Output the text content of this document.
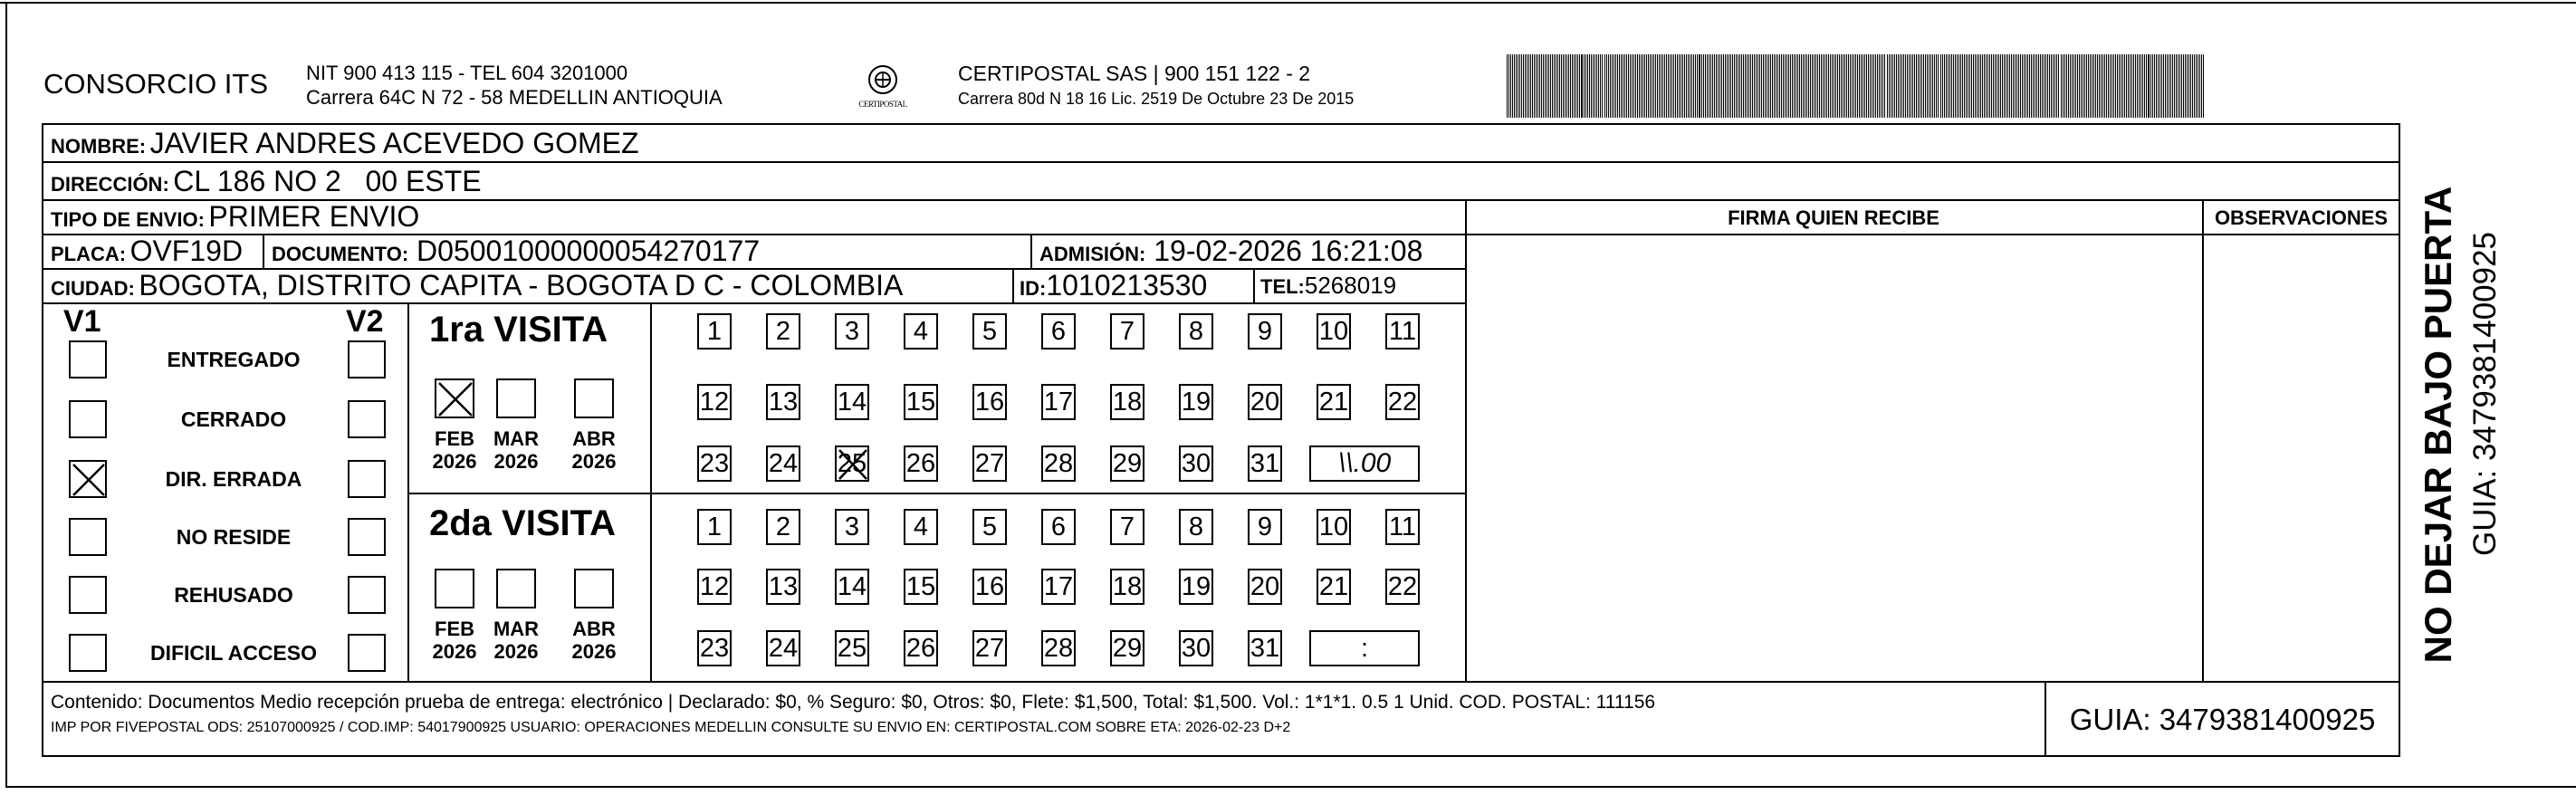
CONSORCIO ITS NIT 900 413 115 - TEL 604 3201000
Carrera 64C N 72 - 58 MEDELLIN ANTIOQUIA	CERTIPOSTAL
CERTIPOSTAL SAS | 900 151 122 - 2
Carrera 80d N 18 16 Lic. 2519 De Octubre 23 De 2015
NOMBRE:
JAVIER ANDRES ACEVEDO GOMEZ
DIRECCIÓN:
CL 186 NO 2   00 ESTE
TIPO DE ENVIO:
PRIMER ENVIO	FIRMA QUIEN RECIBE	OBSERVACIONES
PLACA:
OVF19D DOCUMENTO:
D05001000000054270177	ADMISIÓN:
19-02-2026 16:21:08
CIUDAD:
BOGOTA, DISTRITO CAPITA - BOGOTA D C - COLOMBIA	ID: 1010213530	TEL: 5268019
V1	V2
ENTREGADO
CERRADO
DIR. ERRADA
NO RESIDE
REHUSADO
DIFICIL ACCESO
1ra VISITA
2da VISITA
FEB
2026
MAR
2026
ABR
2026
FEB
2026
MAR
2026
ABR
2026
1	2	3	4	5	6	7	8	9	10 11
12 13 14 15 16 17 18 19 20 21 22
23 24 25 26 27 28 29 30 31	\\.00
1	2	3	4	5	6	7	8	9	10 11
12 13 14 15 16 17 18 19 20 21 22
23 24 25 26 27 28 29 30 31	:
Contenido: Documentos Medio recepción prueba de entrega: electrónico | Declarado: $0, % Seguro: $0, Otros: $0, Flete: $1,500, Total: $1,500. Vol.: 1*1*1. 0.5 1 Unid. COD. POSTAL: 111156
IMP POR FIVEPOSTAL ODS: 25107000925 / COD.IMP: 54017900925 USUARIO: OPERACIONES MEDELLIN CONSULTE SU ENVIO EN: CERTIPOSTAL.COM SOBRE ETA: 2026-02-23 D+2	GUIA: 3479381400925
NO DEJAR BAJO PUERTA GUIA: 3479381400925
